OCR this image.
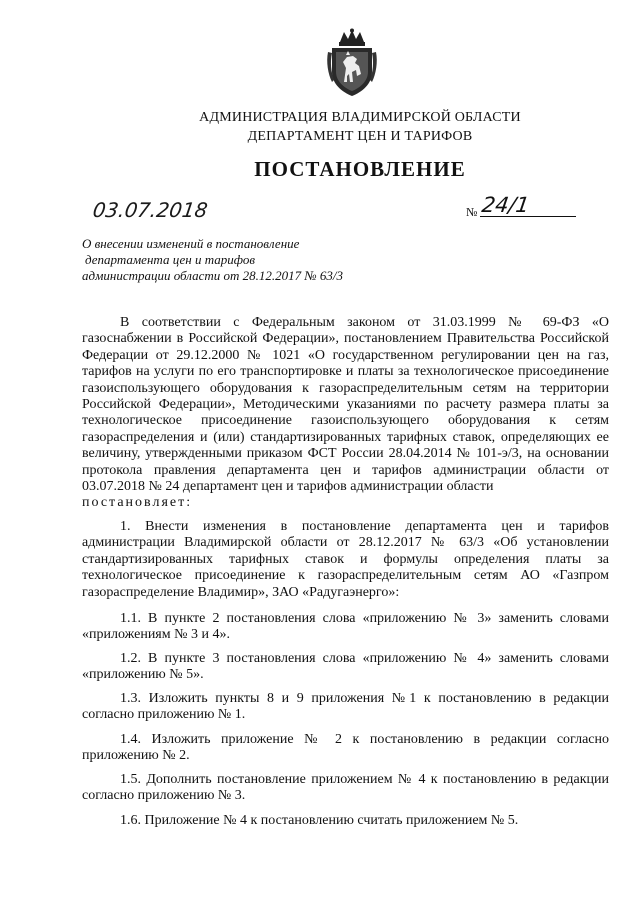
АДМИНИСТРАЦИЯ ВЛАДИМИРСКОЙ ОБЛАСТИ
ДЕПАРТАМЕНТ ЦЕН И ТАРИФОВ
ПОСТАНОВЛЕНИЕ
03.07.2018	№ 24/1
О внесении изменений в постановление
департамента цен и тарифов
администрации области от 28.12.2017 № 63/3

В соответствии с Федеральным законом от 31.03.1999 № 69-ФЗ «О газоснабжении в Российской Федерации», постановлением Правительства Российской Федерации от 29.12.2000 № 1021 «О государственном регулировании цен на газ, тарифов на услуги по его транспортировке и платы за технологическое присоединение газоиспользующего оборудования к газораспределительным сетям на территории Российской Федерации», Методическими указаниями по расчету размера платы за технологическое присоединение газоиспользующего оборудования к сетям газораспределения и (или) стандартизированных тарифных ставок, определяющих ее величину, утвержденными приказом ФСТ России 28.04.2014 № 101-э/3, на основании протокола правления департамента цен и тарифов администрации области от 03.07.2018 № 24 департамент цен и тарифов администрации области

постановляет:

1. Внести изменения в постановление департамента цен и тарифов администрации Владимирской области от 28.12.2017 № 63/3 «Об установлении стандартизированных тарифных ставок и формулы определения платы за технологическое присоединение к газораспределительным сетям АО «Газпром газораспределение Владимир», ЗАО «Радугаэнерго»:

1.1. В пункте 2 постановления слова «приложению № 3» заменить словами «приложениям № 3 и 4».

1.2. В пункте 3 постановления слова «приложению № 4» заменить словами «приложению № 5».

1.3. Изложить пункты 8 и 9 приложения №1 к постановлению в редакции согласно приложению № 1.

1.4. Изложить приложение № 2 к постановлению в редакции согласно приложению № 2.

1.5. Дополнить постановление приложением № 4 к постановлению в редакции согласно приложению № 3.

1.6. Приложение № 4 к постановлению считать приложением № 5.
